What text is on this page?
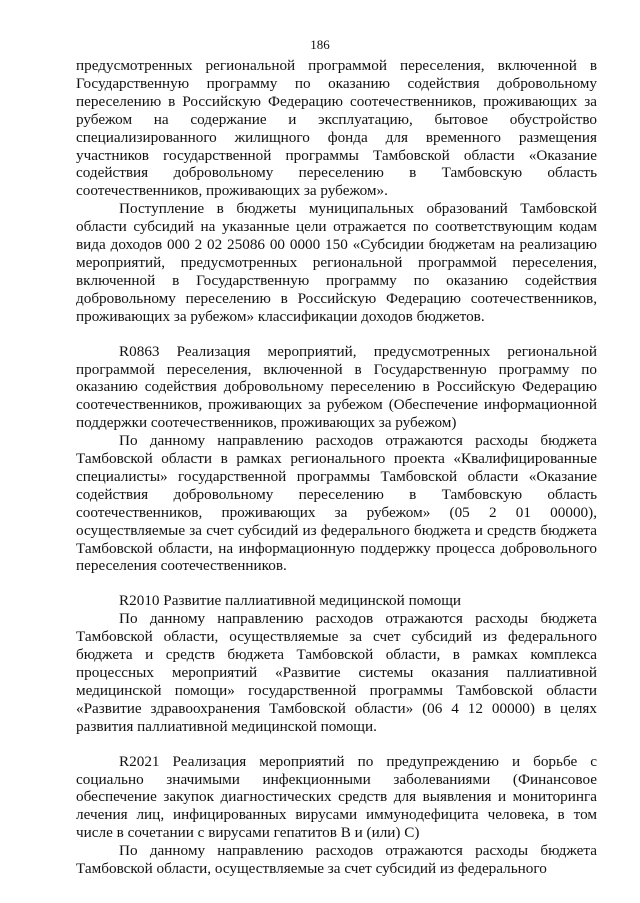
186

предусмотренных региональной программой переселения, включенной в Государственную программу по оказанию содействия добровольному переселению в Российскую Федерацию соотечественников, проживающих за рубежом на содержание и эксплуатацию, бытовое обустройство специализированного жилищного фонда для временного размещения участников государственной программы Тамбовской области «Оказание содействия добровольному переселению в Тамбовскую область соотечественников, проживающих за рубежом».

Поступление в бюджеты муниципальных образований Тамбовской области субсидий на указанные цели отражается по соответствующим кодам вида доходов 000 2 02 25086 00 0000 150 «Субсидии бюджетам на реализацию мероприятий, предусмотренных региональной программой переселения, включенной в Государственную программу по оказанию содействия добровольному переселению в Российскую Федерацию соотечественников, проживающих за рубежом» классификации доходов бюджетов.

R0863 Реализация мероприятий, предусмотренных региональной программой переселения, включенной в Государственную программу по оказанию содействия добровольному переселению в Российскую Федерацию соотечественников, проживающих за рубежом (Обеспечение информационной поддержки соотечественников, проживающих за рубежом)

По данному направлению расходов отражаются расходы бюджета Тамбовской области в рамках регионального проекта «Квалифицированные специалисты» государственной программы Тамбовской области «Оказание содействия добровольному переселению в Тамбовскую область соотечественников, проживающих за рубежом» (05 2 01 00000), осуществляемые за счет субсидий из федерального бюджета и средств бюджета Тамбовской области, на информационную поддержку процесса добровольного переселения соотечественников.

R2010 Развитие паллиативной медицинской помощи

По данному направлению расходов отражаются расходы бюджета Тамбовской области, осуществляемые за счет субсидий из федерального бюджета и средств бюджета Тамбовской области, в рамках комплекса процессных мероприятий «Развитие системы оказания паллиативной медицинской помощи» государственной программы Тамбовской области «Развитие здравоохранения Тамбовской области» (06 4 12 00000) в целях развития паллиативной медицинской помощи.

R2021 Реализация мероприятий по предупреждению и борьбе с социально значимыми инфекционными заболеваниями (Финансовое обеспечение закупок диагностических средств для выявления и мониторинга лечения лиц, инфицированных вирусами иммунодефицита человека, в том числе в сочетании с вирусами гепатитов В и (или) С)

По данному направлению расходов отражаются расходы бюджета Тамбовской области, осуществляемые за счет субсидий из федерального
